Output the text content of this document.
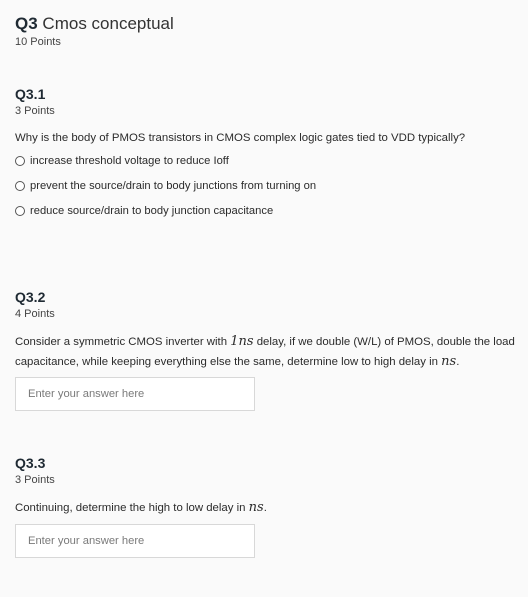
Q3 Cmos conceptual
10 Points
Q3.1
3 Points
Why is the body of PMOS transistors in CMOS complex logic gates tied to VDD typically?
increase threshold voltage to reduce Ioff
prevent the source/drain to body junctions from turning on
reduce source/drain to body junction capacitance
Q3.2
4 Points
Consider a symmetric CMOS inverter with 1ns delay, if we double (W/L) of PMOS, double the load capacitance, while keeping everything else the same, determine low to high delay in ns.
Enter your answer here
Q3.3
3 Points
Continuing, determine the high to low delay in ns.
Enter your answer here
